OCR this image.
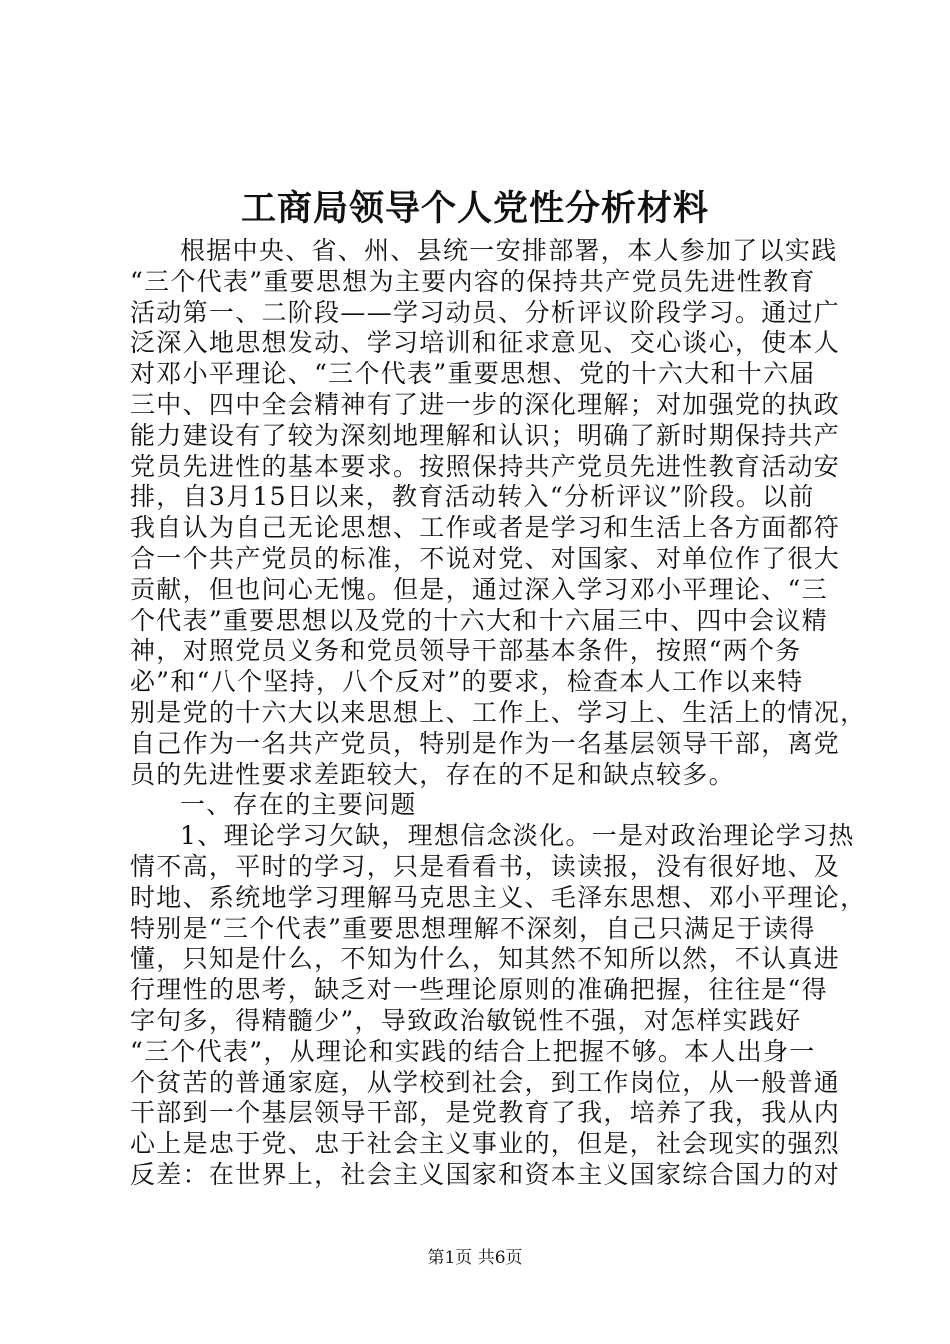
工商局领导个人党性分析材料
根据中央、省、州、县统一安排部署，本人参加了以实践
“三个代表”重要思想为主要内容的保持共产党员先进性教育
活动第一、二阶段——学习动员、分析评议阶段学习。通过广
泛深入地思想发动、学习培训和征求意见、交心谈心，使本人
对邓小平理论、“三个代表”重要思想、党的十六大和十六届
三中、四中全会精神有了进一步的深化理解；对加强党的执政
能力建设有了较为深刻地理解和认识；明确了新时期保持共产
党员先进性的基本要求。按照保持共产党员先进性教育活动安
排，自3月15日以来，教育活动转入“分析评议”阶段。以前
我自认为自己无论思想、工作或者是学习和生活上各方面都符
合一个共产党员的标准，不说对党、对国家、对单位作了很大
贡献，但也问心无愧。但是，通过深入学习邓小平理论、“三
个代表”重要思想以及党的十六大和十六届三中、四中会议精
神，对照党员义务和党员领导干部基本条件，按照“两个务
必”和“八个坚持，八个反对”的要求，检查本人工作以来特
别是党的十六大以来思想上、工作上、学习上、生活上的情况，
自己作为一名共产党员，特别是作为一名基层领导干部，离党
员的先进性要求差距较大，存在的不足和缺点较多。
一、存在的主要问题
1、理论学习欠缺，理想信念淡化。一是对政治理论学习热
情不高，平时的学习，只是看看书，读读报，没有很好地、及
时地、系统地学习理解马克思主义、毛泽东思想、邓小平理论，
特别是“三个代表”重要思想理解不深刻，自己只满足于读得
懂，只知是什么，不知为什么，知其然不知所以然，不认真进
行理性的思考，缺乏对一些理论原则的准确把握，往往是“得
字句多，得精髓少”，导致政治敏锐性不强，对怎样实践好
“三个代表”，从理论和实践的结合上把握不够。本人出身一
个贫苦的普通家庭，从学校到社会，到工作岗位，从一般普通
干部到一个基层领导干部，是党教育了我，培养了我，我从内
心上是忠于党、忠于社会主义事业的，但是，社会现实的强烈
反差：在世界上，社会主义国家和资本主义国家综合国力的对
第1页 共6页
